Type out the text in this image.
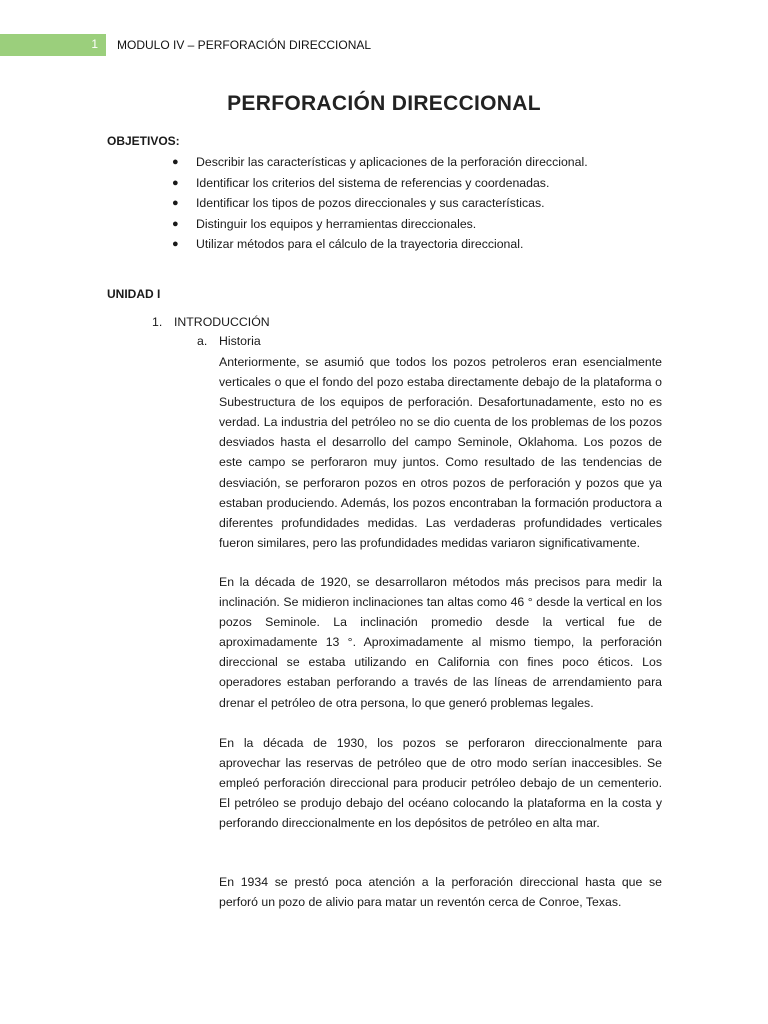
1 MODULO IV – PERFORACIÓN DIRECCIONAL
PERFORACIÓN DIRECCIONAL
OBJETIVOS:
● Describir las características y aplicaciones de la perforación direccional.
● Identificar los criterios del sistema de referencias y coordenadas.
● Identificar los tipos de pozos direccionales y sus características.
● Distinguir los equipos y herramientas direccionales.
● Utilizar métodos para el cálculo de la trayectoria direccional.
UNIDAD I
1. INTRODUCCIÓN
a. Historia

Anteriormente, se asumió que todos los pozos petroleros eran esencialmente verticales o que el fondo del pozo estaba directamente debajo de la plataforma o Subestructura de los equipos de perforación. Desafortunadamente, esto no es verdad. La industria del petróleo no se dio cuenta de los problemas de los pozos desviados hasta el desarrollo del campo Seminole, Oklahoma. Los pozos de este campo se perforaron muy juntos. Como resultado de las tendencias de desviación, se perforaron pozos en otros pozos de perforación y pozos que ya estaban produciendo. Además, los pozos encontraban la formación productora a diferentes profundidades medidas. Las verdaderas profundidades verticales fueron similares, pero las profundidades medidas variaron significativamente.

En la década de 1920, se desarrollaron métodos más precisos para medir la inclinación. Se midieron inclinaciones tan altas como 46 ° desde la vertical en los pozos Seminole. La inclinación promedio desde la vertical fue de aproximadamente 13 °. Aproximadamente al mismo tiempo, la perforación direccional se estaba utilizando en California con fines poco éticos. Los operadores estaban perforando a través de las líneas de arrendamiento para drenar el petróleo de otra persona, lo que generó problemas legales.

En la década de 1930, los pozos se perforaron direccionalmente para aprovechar las reservas de petróleo que de otro modo serían inaccesibles. Se empleó perforación direccional para producir petróleo debajo de un cementerio. El petróleo se produjo debajo del océano colocando la plataforma en la costa y perforando direccionalmente en los depósitos de petróleo en alta mar.

En 1934 se prestó poca atención a la perforación direccional hasta que se perforó un pozo de alivio para matar un reventón cerca de Conroe, Texas.
